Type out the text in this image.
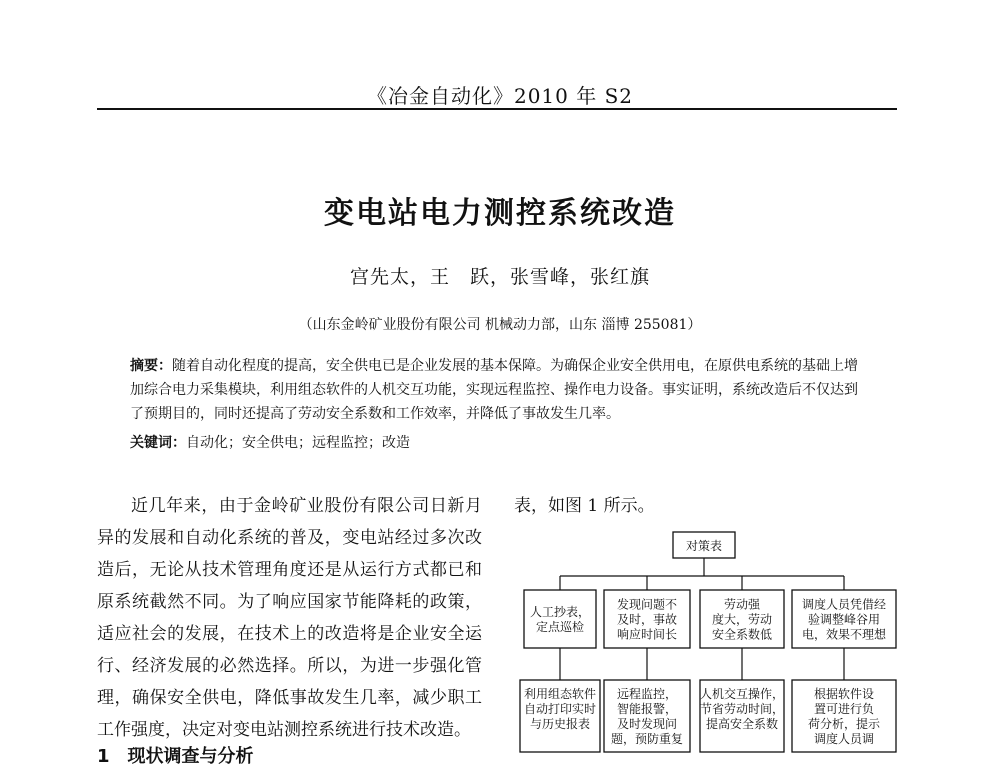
《冶金自动化》2010 年 S2
变电站电力测控系统改造
宫先太，王　跃，张雪峰，张红旗
（山东金岭矿业股份有限公司 机械动力部，山东 淄博 255081）
摘要：随着自动化程度的提高，安全供电已是企业发展的基本保障。为确保企业安全供用电，在原供电系统的基础上增加综合电力采集模块，利用组态软件的人机交互功能，实现远程监控、操作电力设备。事实证明，系统改造后不仅达到了预期目的，同时还提高了劳动安全系数和工作效率，并降低了事故发生几率。
关键词：自动化；安全供电；远程监控；改造
近几年来，由于金岭矿业股份有限公司日新月异的发展和自动化系统的普及，变电站经过多次改造后，无论从技术管理角度还是从运行方式都已和原系统截然不同。为了响应国家节能降耗的政策，适应社会的发展，在技术上的改造将是企业安全运行、经济发展的必然选择。所以，为进一步强化管理，确保安全供电，降低事故发生几率，减少职工工作强度，决定对变电站测控系统进行技术改造。
1　现状调查与分析
表，如图 1 所示。
对策表
人工抄表，定点巡检
发现问题不及时，事故响应时间长
劳动强度大，劳动安全系数低
调度人员凭借经验调整峰谷用电，效果不理想
利用组态软件自动打印实时与历史报表
远程监控，智能报警，及时发现问题，预防重复
人机交互操作，节省劳动时间，提高安全系数
根据软件设置可进行负荷分析，提示调度人员调
